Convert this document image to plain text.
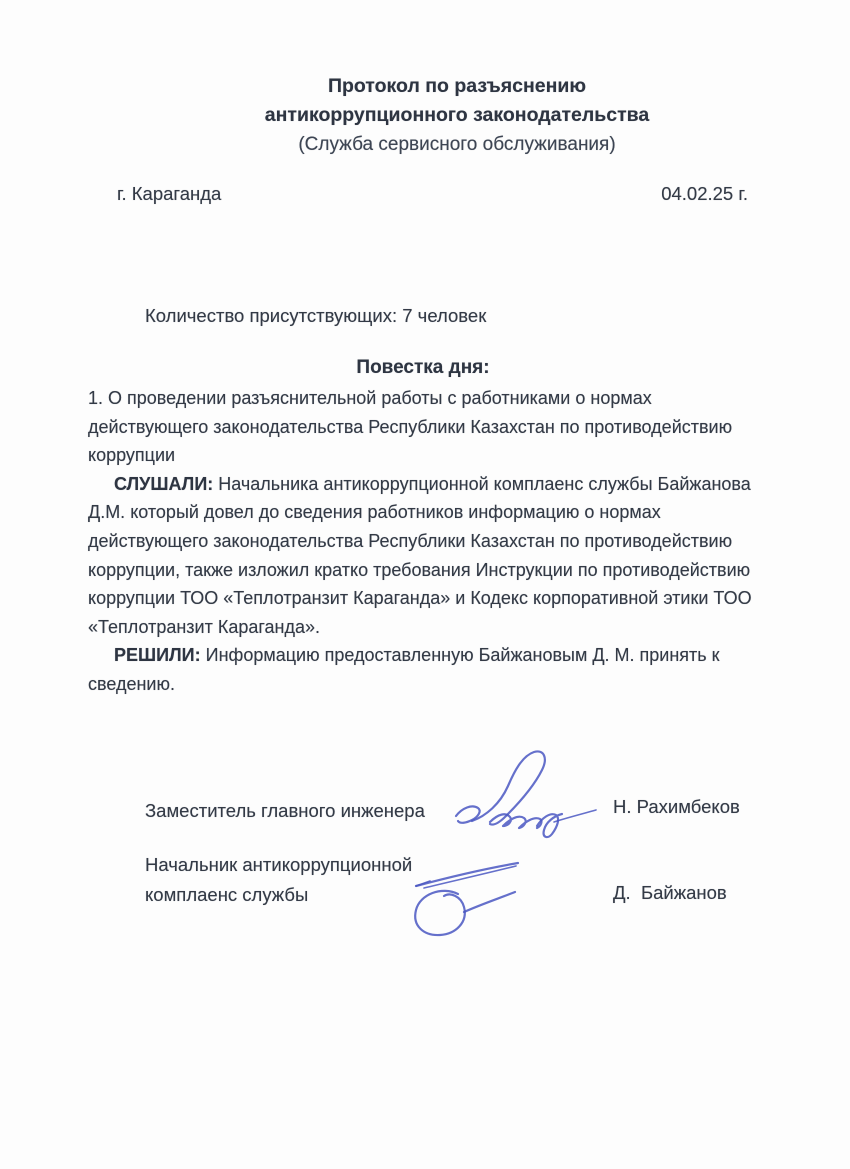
Протокол по разъяснению
антикоррупционного законодательства
(Служба сервисного обслуживания)
г. Караганда	04.02.25 г.
Количество присутствующих: 7 человек
Повестка дня:

1. О проведении разъяснительной работы с работниками о нормах действующего законодательства Республики Казахстан по противодействию коррупции

СЛУШАЛИ: Начальника антикоррупционной комплаенс службы Байжанова Д.М. который довел до сведения работников информацию о нормах действующего законодательства Республики Казахстан по противодействию коррупции, также изложил кратко требования Инструкции по противодействию коррупции ТОО «Теплотранзит Караганда» и Кодекс корпоративной этики ТОО «Теплотранзит Караганда».

РЕШИЛИ: Информацию предоставленную Байжановым Д. М. принять к сведению.

Заместитель главного инженера	Н. Рахимбеков
Начальник антикоррупционной комплаенс службы	Д.  Байжанов
